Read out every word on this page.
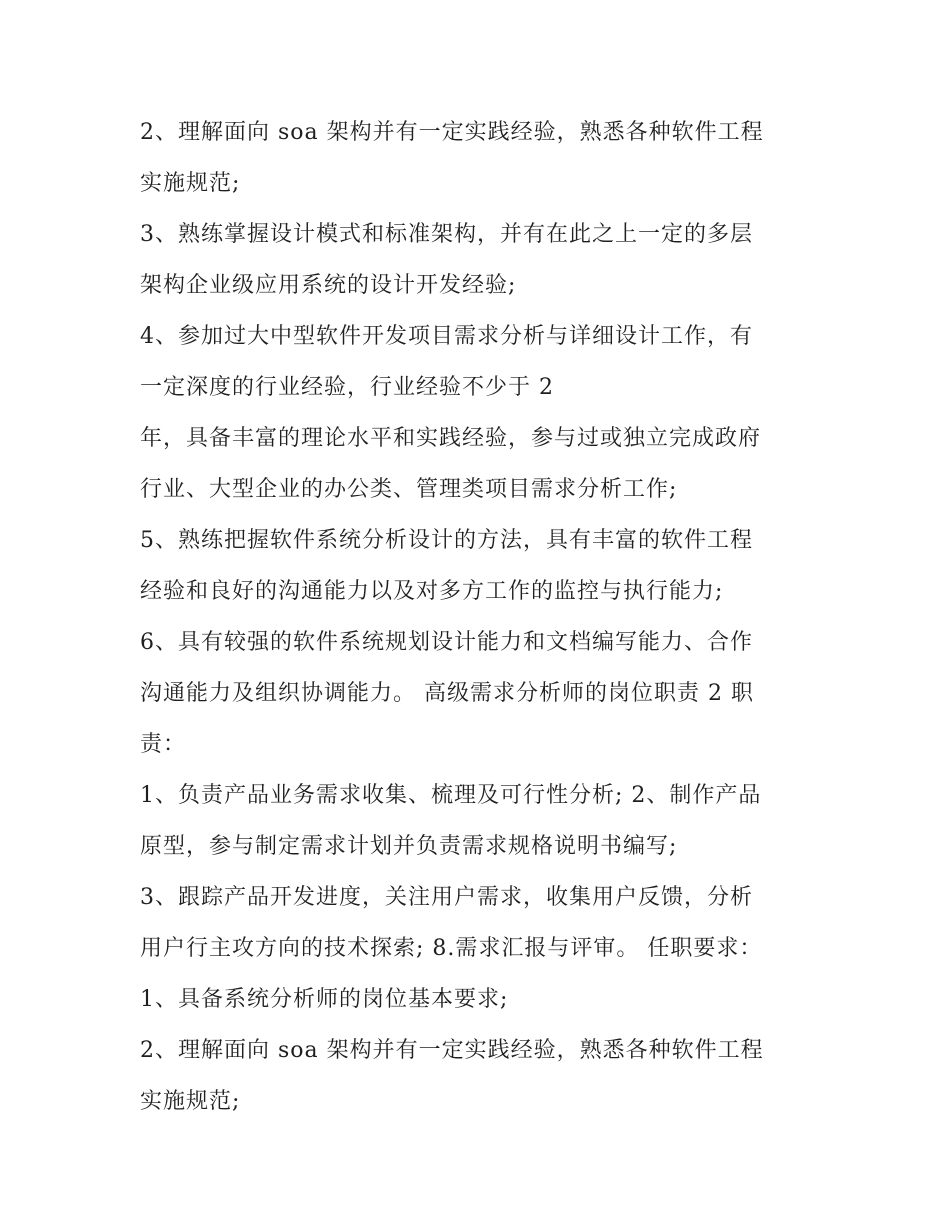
2、理解面向 soa 架构并有一定实践经验，熟悉各种软件工程
实施规范;
3、熟练掌握设计模式和标准架构，并有在此之上一定的多层
架构企业级应用系统的设计开发经验;
4、参加过大中型软件开发项目需求分析与详细设计工作，有
一定深度的行业经验，行业经验不少于 2
年，具备丰富的理论水平和实践经验，参与过或独立完成政府
行业、大型企业的办公类、管理类项目需求分析工作;
5、熟练把握软件系统分析设计的方法，具有丰富的软件工程
经验和良好的沟通能力以及对多方工作的监控与执行能力;
6、具有较强的软件系统规划设计能力和文档编写能力、合作
沟通能力及组织协调能力。 高级需求分析师的岗位职责 2 职
责：
1、负责产品业务需求收集、梳理及可行性分析; 2、制作产品
原型，参与制定需求计划并负责需求规格说明书编写;
3、跟踪产品开发进度，关注用户需求，收集用户反馈，分析
用户行主攻方向的技术探索; 8.需求汇报与评审。 任职要求：
1、具备系统分析师的岗位基本要求;
2、理解面向 soa 架构并有一定实践经验，熟悉各种软件工程
实施规范;
